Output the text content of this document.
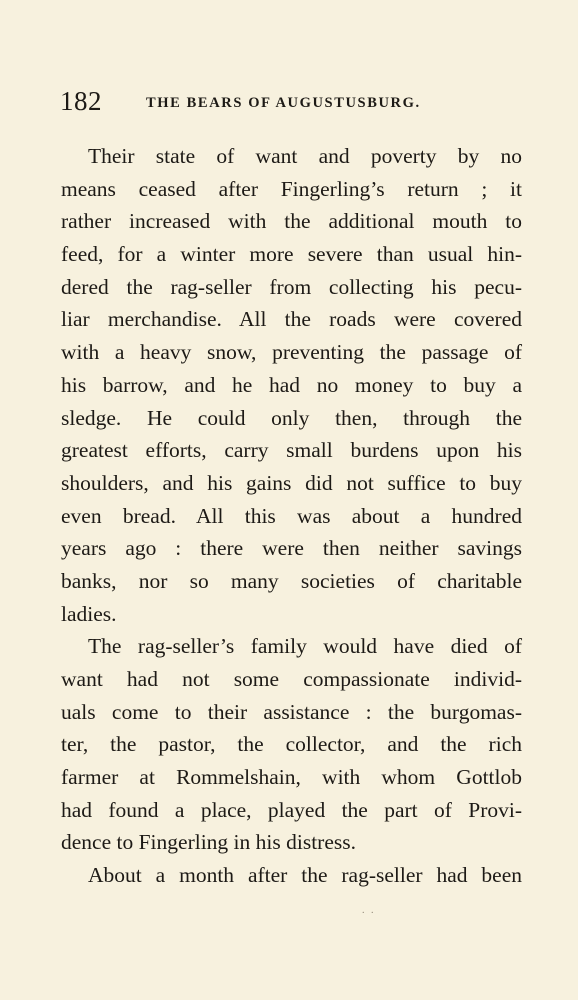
182	THE BEARS OF AUGUSTUSBURG.
Their state of want and poverty by no
means ceased after Fingerling’s return ; it
rather increased with the additional mouth to
feed, for a winter more severe than usual hin-
dered the rag-seller from collecting his pecu-
liar merchandise. All the roads were covered
with a heavy snow, preventing the passage of
his barrow, and he had no money to buy a
sledge. He could only then, through the
greatest efforts, carry small burdens upon his
shoulders, and his gains did not suffice to buy
even bread. All this was about a hundred
years ago : there were then neither savings
banks, nor so many societies of charitable
ladies.
The rag-seller’s family would have died of
want had not some compassionate individ-
uals come to their assistance : the burgomas-
ter, the pastor, the collector, and the rich
farmer at Rommelshain, with whom Gottlob
had found a place, played the part of Provi-
dence to Fingerling in his distress.
About a month after the rag-seller had been
. .
